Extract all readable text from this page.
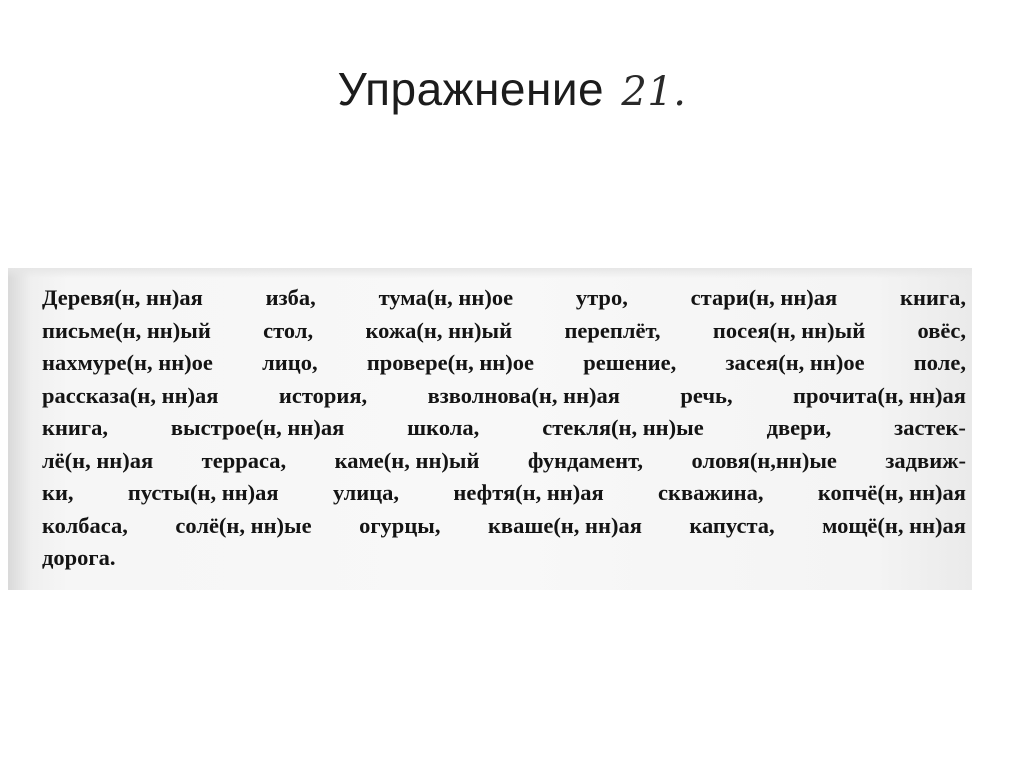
Упражнение 21.
Деревя(н, нн)ая	изба,	тума(н, нн)ое	утро,	стари(н, нн)ая	книга,
письме(н, нн)ый стол, кожа(н, нн)ый переплёт, посея(н, нн)ый овёс,
нахмуре(н, нн)ое лицо, провере(н, нн)ое решение, засея(н, нн)ое поле,
рассказа(н, нн)ая	история,	взволнова(н, нн)ая	речь,	прочита(н, нн)ая
книга,	выстрое(н, нн)ая	школа,	стекля(н, нн)ые	двери,	застек-
лё(н, нн)ая терраса, каме(н, нн)ый фундамент, оловя(н,нн)ые задвиж-
ки, пусты(н, нн)ая улица, нефтя(н, нн)ая скважина, копчё(н, нн)ая
колбаса, солё(н, нн)ые огурцы, кваше(н, нн)ая капуста, мощё(н, нн)ая
дорога.
